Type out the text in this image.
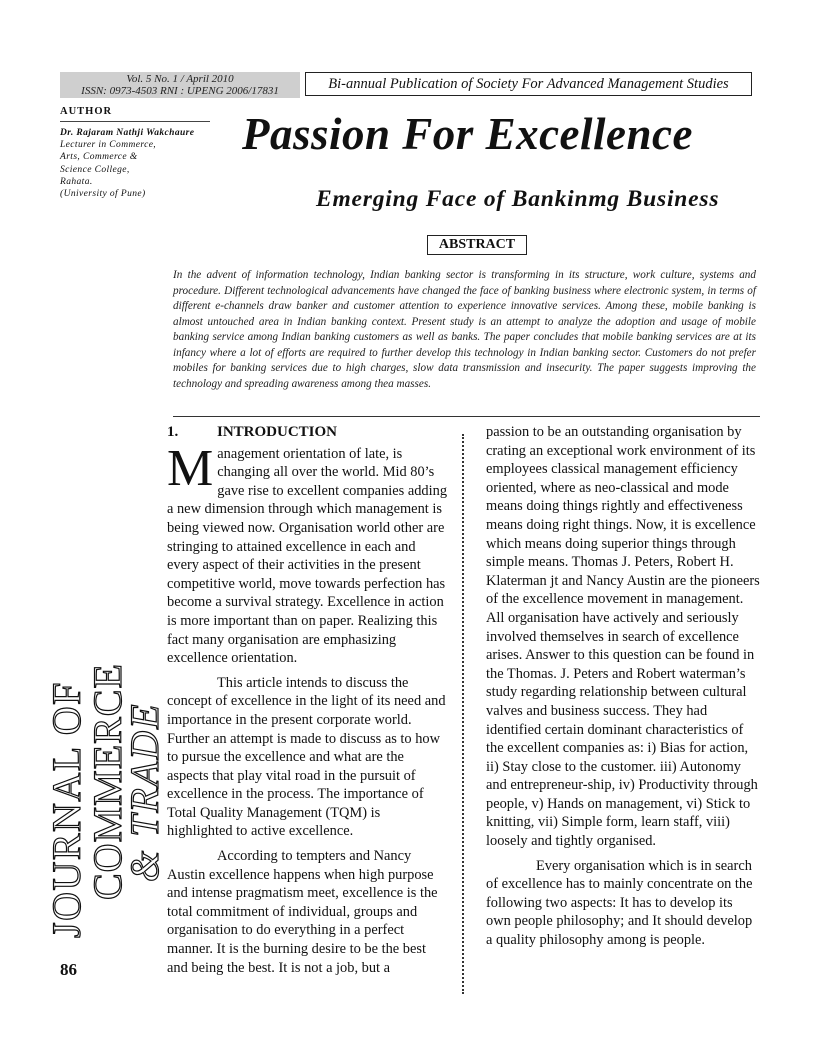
Vol. 5 No. 1 / April 2010
ISSN: 0973-4503 RNI : UPENG 2006/17831	Bi-annual Publication of Society For Advanced Management Studies
AUTHOR
Dr. Rajaram Nathji Wakchaure
Lecturer in Commerce,
Arts, Commerce &
Science College,
Rahata.
(University of Pune)
Passion For Excellence
Emerging Face of Bankinmg Business
ABSTRACT
In the advent of information technology, Indian banking sector is transforming in its structure, work culture, systems and procedure. Different technological advancements have changed the face of banking business where electronic system, in terms of different e-channels draw banker and customer attention to experience innovative services. Among these, mobile banking is almost untouched area in Indian banking context. Present study is an attempt to analyze the adoption and usage of mobile banking service among Indian banking customers as well as banks. The paper concludes that mobile banking services are at its infancy where a lot of efforts are required to further develop this technology in Indian banking sector. Customers do not prefer mobiles for banking services due to high charges, slow data transmission and insecurity. The paper suggests improving the technology and spreading awareness among thea masses.

1.	INTRODUCTION

Management orientation of late, is changing all over the world. Mid 80’s gave rise to excellent companies adding a new dimension through which management is being viewed now. Organisation world other are stringing to attained excellence in each and every aspect of their activities in the present competitive world, move towards perfection has become a survival strategy. Excellence in action is more important than on paper. Realizing this fact many organisation are emphasizing excellence orientation.

This article intends to discuss the concept of excellence in the light of its need and importance in the present corporate world. Further an attempt is made to discuss as to how to pursue the excellence and what are the aspects that play vital road in the pursuit of excellence in the process. The importance of Total Quality Management (TQM) is highlighted to active excellence.

According to tempters and Nancy Austin excellence happens when high purpose and intense pragmatism meet, excellence is the total commitment of individual, groups and organisation to do everything in a perfect manner. It is the burning desire to be the best and being the best. It is not a job, but a

passion to be an outstanding organisation by crating an exceptional work environment of its employees classical management efficiency oriented, where as neo-classical and mode means doing things rightly and effectiveness means doing right things. Now, it is excellence which means doing superior things through simple means. Thomas J. Peters, Robert H. Klaterman jt and Nancy Austin are the pioneers of the excellence movement in management. All organisation have actively and seriously involved themselves in search of excellence arises. Answer to this question can be found in the Thomas. J. Peters and Robert waterman’s study regarding relationship between cultural valves and business success. They had identified certain dominant characteristics of the excellent companies as: i) Bias for action, ii) Stay close to the customer. iii) Autonomy and entrepreneur-ship, iv) Productivity through people, v) Hands on management, vi) Stick to knitting, vii) Simple form, learn staff, viii) loosely and tightly organised.

Every organisation which is in search of excellence has to mainly concentrate on the following two aspects: It has to develop its own people philosophy; and It should develop a quality philosophy among is people.

JOURNAL OF
COMMERCE
& TRADE
86
